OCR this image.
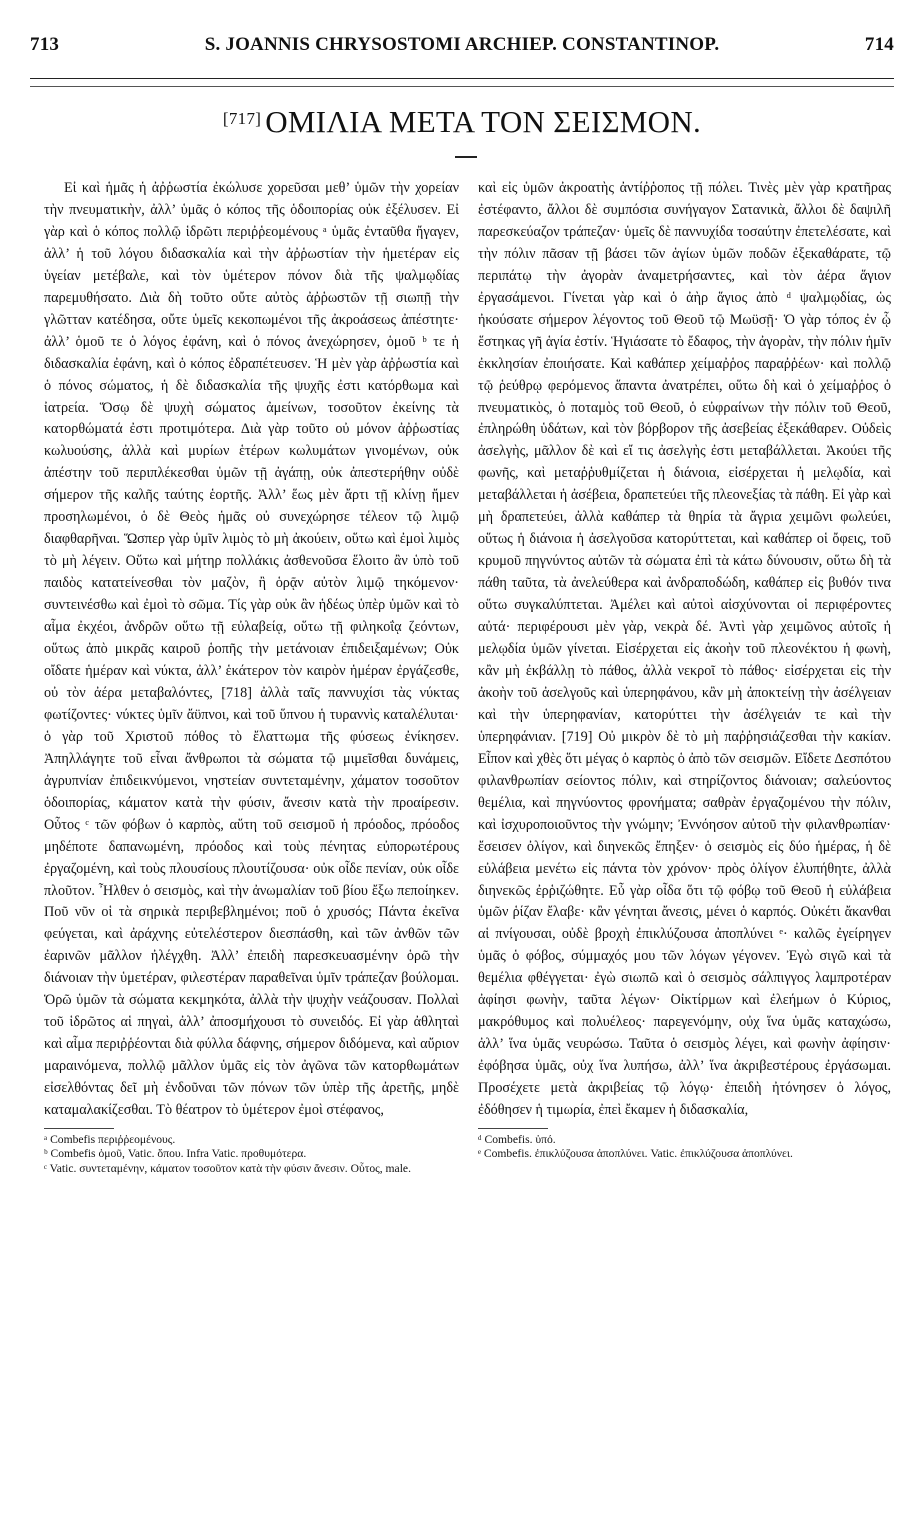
713	S. JOANNIS CHRYSOSTOMI ARCHIEP. CONSTANTINOP.	714
[717] ΟΜΙΛΙΑ ΜΕΤΑ ΤΟΝ ΣΕΙΣΜΟΝ.

Εἰ καὶ ἡμᾶς ἡ ἀῤῥωστία ἐκώλυσε χορεῦσαι μεθ’ ὑμῶν τὴν χορείαν τὴν πνευματικὴν, ἀλλ’ ὑμᾶς ὁ κόπος τῆς ὁδοιπορίας οὐκ ἐξέλυσεν. Εἰ γὰρ καὶ ὁ κόπος πολλῷ ἱδρῶτι περιῤῥεομένους ᵃ ὑμᾶς ἐνταῦθα ἤγαγεν, ἀλλ’ ἡ τοῦ λόγου διδασκαλία καὶ τὴν ἀῤῥωστίαν τὴν ἡμετέραν εἰς ὑγείαν μετέβαλε, καὶ τὸν ὑμέτερον πόνον διὰ τῆς ψαλμῳδίας παρεμυθήσατο. Διὰ δὴ τοῦτο οὔτε αὐτὸς ἀῤῥωστῶν τῇ σιωπῇ τὴν γλῶτταν κατέδησα, οὔτε ὑμεῖς κεκοπωμένοι τῆς ἀκροάσεως ἀπέστητε· ἀλλ’ ὁμοῦ τε ὁ λόγος ἐφάνη, καὶ ὁ πόνος ἀνεχώρησεν, ὁμοῦ ᵇ τε ἡ διδασκαλία ἐφάνη, καὶ ὁ κόπος ἐδραπέτευσεν. Ἡ μὲν γὰρ ἀῤῥωστία καὶ ὁ πόνος σώματος, ἡ δὲ διδασκαλία τῆς ψυχῆς ἐστι κατόρθωμα καὶ ἰατρεία. Ὅσῳ δὲ ψυχὴ σώματος ἀμείνων, τοσοῦτον ἐκείνης τὰ κατορθώματά ἐστι προτιμότερα. Διὰ γὰρ τοῦτο οὐ μόνον ἀῤῥωστίας κωλυούσης, ἀλλὰ καὶ μυρίων ἑτέρων κωλυμάτων γινομένων, οὐκ ἀπέστην τοῦ περιπλέκεσθαι ὑμῶν τῇ ἀγάπῃ, οὐκ ἀπεστερήθην οὐδὲ σήμερον τῆς καλῆς ταύτης ἑορτῆς. Ἀλλ’ ἕως μὲν ἄρτι τῇ κλίνῃ ἤμεν προσηλωμένοι, ὁ δὲ Θεὸς ἡμᾶς οὐ συνεχώρησε τέλεον τῷ λιμῷ διαφθαρῆναι. Ὥσπερ γὰρ ὑμῖν λιμὸς τὸ μὴ ἀκούειν, οὕτω καὶ ἐμοὶ λιμὸς τὸ μὴ λέγειν. Οὕτω καὶ μήτηρ πολλάκις ἀσθενοῦσα ἕλοιτο ἂν ὑπὸ τοῦ παιδὸς κατατείνεσθαι τὸν μαζὸν, ἢ ὁρᾷν αὐτὸν λιμῷ τηκόμενον· συντεινέσθω καὶ ἐμοὶ τὸ σῶμα. Τίς γὰρ οὐκ ἂν ἡδέως ὑπὲρ ὑμῶν καὶ τὸ αἷμα ἐκχέοι, ἀνδρῶν οὕτω τῇ εὐλαβείᾳ, οὕτω τῇ φιληκοΐᾳ ζεόντων, οὕτως ἀπὸ μικρᾶς καιροῦ ῥοπῆς τὴν μετάνοιαν ἐπιδειξαμένων; Οὐκ οἴδατε ἡμέραν καὶ νύκτα, ἀλλ’ ἑκάτερον τὸν καιρὸν ἡμέραν ἐργάζεσθε, οὐ τὸν ἀέρα μεταβαλόντες, [718] ἀλλὰ ταῖς παννυχίσι τὰς νύκτας φωτίζοντες· νύκτες ὑμῖν ἄϋπνοι, καὶ τοῦ ὕπνου ἡ τυραννὶς καταλέλυται· ὁ γὰρ τοῦ Χριστοῦ πόθος τὸ ἔλαττωμα τῆς φύσεως ἐνίκησεν. Ἀπηλλάγητε τοῦ εἶναι ἄνθρωποι τὰ σώματα τῷ μιμεῖσθαι δυνάμεις, ἀγρυπνίαν ἐπιδεικνύμενοι, νηστείαν συντεταμένην, χάματον τοσοῦτον ὁδοιπορίας, κάματον κατὰ τὴν φύσιν, ἄνεσιν κατὰ τὴν προαίρεσιν. Οὗτος ᶜ τῶν φόβων ὁ καρπὸς, αὕτη τοῦ σεισμοῦ ἡ πρόοδος, πρόοδος μηδέποτε δαπανωμένη, πρόοδος καὶ τοὺς πένητας εὐπορωτέρους ἐργαζομένη, καὶ τοὺς πλουσίους πλουτίζουσα· οὐκ οἶδε πενίαν, οὐκ οἶδε πλοῦτον. Ἦλθεν ὁ σεισμὸς, καὶ τὴν ἀνωμαλίαν τοῦ βίου ἔξω πεποίηκεν. Ποῦ νῦν οἱ τὰ σηρικὰ περιβεβλημένοι; ποῦ ὁ χρυσός; Πάντα ἐκεῖνα φεύγεται, καὶ ἀράχνης εὐτελέστερον διεσπάσθη, καὶ τῶν ἀνθῶν τῶν ἐαρινῶν μᾶλλον ἠλέγχθη. Ἀλλ’ ἐπειδὴ παρεσκευασμένην ὁρῶ τὴν διάνοιαν τὴν ὑμετέραν, φιλεστέραν παραθεῖναι ὑμῖν τράπεζαν βούλομαι. Ὁρῶ ὑμῶν τὰ σώματα κεκμηκότα, ἀλλὰ τὴν ψυχὴν νεάζουσαν. Πολλαὶ τοῦ ἱδρῶτος αἱ πηγαὶ, ἀλλ’ ἀποσμήχουσι τὸ συνειδός. Εἰ γὰρ ἀθληταὶ καὶ αἷμα περιῤῥέονται διὰ φύλλα δάφνης, σήμερον διδόμενα, καὶ αὔριον μαραινόμενα, πολλῷ μᾶλλον ὑμᾶς εἰς τὸν ἀγῶνα τῶν κατορθωμάτων εἰσελθόντας δεῖ μὴ ἐνδοῦναι τῶν πόνων τῶν ὑπὲρ τῆς ἀρετῆς, μηδὲ καταμαλακίζεσθαι. Τὸ θέατρον τὸ ὑμέτερον ἐμοὶ στέφανος,

ᵃ Combefis περιῤῥεομένους.
ᵇ Combefis ὁμοῦ, Vatic. ὅπου. Infra Vatic. προθυμότερα.
ᶜ Vatic. συντεταμένην, κάματον τοσοῦτον κατὰ τὴν φύσιν ἄνεσιν. Οὗτος, male.

καὶ εἰς ὑμῶν ἀκροατὴς ἀντίῤῥοπος τῇ πόλει. Τινὲς μὲν γὰρ κρατῆρας ἐστέφαντο, ἄλλοι δὲ συμπόσια συνήγαγον Σατανικὰ, ἄλλοι δὲ δαψιλῆ παρεσκεύαζον τράπεζαν· ὑμεῖς δὲ παννυχίδα τοσαύτην ἐπετελέσατε, καὶ τὴν πόλιν πᾶσαν τῇ βάσει τῶν ἁγίων ὑμῶν ποδῶν ἐξεκαθάρατε, τῷ περιπάτῳ τὴν ἀγορὰν ἀναμετρήσαντες, καὶ τὸν ἀέρα ἅγιον ἐργασάμενοι. Γίνεται γὰρ καὶ ὁ ἀὴρ ἅγιος ἀπὸ ᵈ ψαλμῳδίας, ὡς ἠκούσατε σήμερον λέγοντος τοῦ Θεοῦ τῷ Μωϋσῇ· Ὁ γὰρ τόπος ἐν ᾧ ἕστηκας γῆ ἁγία ἐστίν. Ἡγιάσατε τὸ ἔδαφος, τὴν ἀγορὰν, τὴν πόλιν ἡμῖν ἐκκλησίαν ἐποιήσατε. Καὶ καθάπερ χείμαῤῥος παραῤῥέων· καὶ πολλῷ τῷ ῥεύθρῳ φερόμενος ἅπαντα ἀνατρέπει, οὕτω δὴ καὶ ὁ χείμαῤῥος ὁ πνευματικὸς, ὁ ποταμὸς τοῦ Θεοῦ, ὁ εὐφραίνων τὴν πόλιν τοῦ Θεοῦ, ἐπληρώθη ὑδάτων, καὶ τὸν βόρβορον τῆς ἀσεβείας ἐξεκάθαρεν. Οὐδεὶς ἀσελγὴς, μᾶλλον δὲ καὶ εἴ τις ἀσελγὴς ἐστι μεταβάλλεται. Ἀκούει τῆς φωνῆς, καὶ μεταῤῥυθμίζεται ἡ διάνοια, εἰσέρχεται ἡ μελῳδία, καὶ μεταβάλλεται ἡ ἀσέβεια, δραπετεύει τῆς πλεονεξίας τὰ πάθη. Εἰ γὰρ καὶ μὴ δραπετεύει, ἀλλὰ καθάπερ τὰ θηρία τὰ ἄγρια χειμῶνι φωλεύει, οὕτως ἡ διάνοια ἡ ἀσελγοῦσα κατορύττεται, καὶ καθάπερ οἱ ὄφεις, τοῦ κρυμοῦ πηγνύντος αὐτῶν τὰ σώματα ἐπὶ τὰ κάτω δύνουσιν, οὕτω δὴ τὰ πάθη ταῦτα, τὰ ἀνελεύθερα καὶ ἀνδραποδώδη, καθάπερ εἰς βυθόν τινα οὕτω συγκαλύπτεται. Ἀμέλει καὶ αὐτοὶ αἰσχύνονται οἱ περιφέροντες αὐτά· περιφέρουσι μὲν γὰρ, νεκρὰ δέ. Ἀντὶ γὰρ χειμῶνος αὐτοῖς ἡ μελῳδία ὑμῶν γίνεται. Εἰσέρχεται εἰς ἀκοὴν τοῦ πλεονέκτου ἡ φωνὴ, κἂν μὴ ἐκβάλλῃ τὸ πάθος, ἀλλὰ νεκροῖ τὸ πάθος· εἰσέρχεται εἰς τὴν ἀκοὴν τοῦ ἀσελγοῦς καὶ ὑπερηφάνου, κἂν μὴ ἀποκτείνῃ τὴν ἀσέλγειαν καὶ τὴν ὑπερηφανίαν, κατορύττει τὴν ἀσέλγειάν τε καὶ τὴν ὑπερηφάνιαν. [719] Οὐ μικρὸν δὲ τὸ μὴ παῤῥησιάζεσθαι τὴν κακίαν. Εἶπον καὶ χθὲς ὅτι μέγας ὁ καρπὸς ὁ ἀπὸ τῶν σεισμῶν. Εἴδετε Δεσπότου φιλανθρωπίαν σείοντος πόλιν, καὶ στηρίζοντος διάνοιαν; σαλεύοντος θεμέλια, καὶ πηγνύοντος φρονήματα; σαθρὰν ἐργαζομένου τὴν πόλιν, καὶ ἰσχυροποιοῦντος τὴν γνώμην; Ἐννόησον αὐτοῦ τὴν φιλανθρωπίαν· ἔσεισεν ὀλίγον, καὶ διηνεκῶς ἔπηξεν· ὁ σεισμὸς εἰς δύο ἡμέρας, ἡ δὲ εὐλάβεια μενέτω εἰς πάντα τὸν χρόνον· πρὸς ὀλίγον ἐλυπήθητε, ἀλλὰ διηνεκῶς ἐρῥιζώθητε. Εὖ γὰρ οἶδα ὅτι τῷ φόβῳ τοῦ Θεοῦ ἡ εὐλάβεια ὑμῶν ῥίζαν ἔλαβε· κἂν γένηται ἄνεσις, μένει ὁ καρπός. Οὐκέτι ἄκανθαι αἱ πνίγουσαι, οὐδὲ βροχὴ ἐπικλύζουσα ἀποπλύνει ᵉ· καλῶς ἐγείρηγεν ὑμᾶς ὁ φόβος, σύμμαχός μου τῶν λόγων γέγονεν. Ἐγὼ σιγῶ καὶ τὰ θεμέλια φθέγγεται· ἐγὼ σιωπῶ καὶ ὁ σεισμὸς σάλπιγγος λαμπροτέραν ἀφίησι φωνὴν, ταῦτα λέγων· Οἰκτίρμων καὶ ἐλεήμων ὁ Κύριος, μακρόθυμος καὶ πολυέλεος· παρεγενόμην, οὐχ ἵνα ὑμᾶς καταχώσω, ἀλλ’ ἵνα ὑμᾶς νευρώσω. Ταῦτα ὁ σεισμὸς λέγει, καὶ φωνὴν ἀφίησιν· ἐφόβησα ὑμᾶς, οὐχ ἵνα λυπήσω, ἀλλ’ ἵνα ἀκριβεστέρους ἐργάσωμαι. Προσέχετε μετὰ ἀκριβείας τῷ λόγῳ· ἐπειδὴ ἠτόνησεν ὁ λόγος, ἐδόθησεν ἡ τιμωρία, ἐπεὶ ἔκαμεν ἡ διδασκαλία,

ᵈ Combefis. ὑπό.
ᵉ Combefis. ἐπικλύζουσα ἀποπλύνει. Vatic. ἐπικλύζουσα ἀποπλύνει.
